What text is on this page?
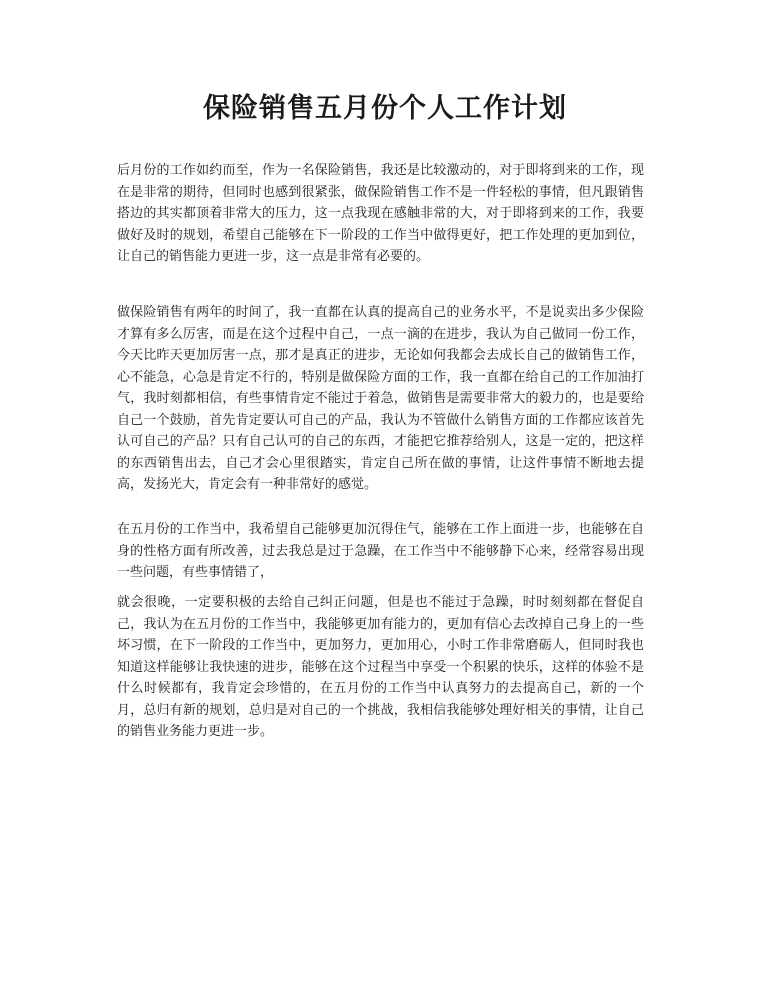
保险销售五月份个人工作计划

后月份的工作如约而至，作为一名保险销售，我还是比较激动的，对于即将到来的工作，现在是非常的期待，但同时也感到很紧张，做保险销售工作不是一件轻松的事情，但凡跟销售搭边的其实都顶着非常大的压力，这一点我现在感触非常的大，对于即将到来的工作，我要做好及时的规划，希望自己能够在下一阶段的工作当中做得更好，把工作处理的更加到位，让自己的销售能力更进一步，这一点是非常有必要的。

做保险销售有两年的时间了，我一直都在认真的提高自己的业务水平，不是说卖出多少保险才算有多么厉害，而是在这个过程中自己，一点一滴的在进步，我认为自己做同一份工作，今天比昨天更加厉害一点，那才是真正的进步，无论如何我都会去成长自己的做销售工作，心不能急，心急是肯定不行的，特别是做保险方面的工作，我一直都在给自己的工作加油打气，我时刻都相信，有些事情肯定不能过于着急，做销售是需要非常大的毅力的，也是要给自己一个鼓励，首先肯定要认可自己的产品，我认为不管做什么销售方面的工作都应该首先认可自己的产品？只有自己认可的自己的东西，才能把它推荐给别人，这是一定的，把这样的东西销售出去，自己才会心里很踏实，肯定自己所在做的事情，让这件事情不断地去提高，发扬光大，肯定会有一种非常好的感觉。

在五月份的工作当中，我希望自己能够更加沉得住气，能够在工作上面进一步，也能够在自身的性格方面有所改善，过去我总是过于急躁，在工作当中不能够静下心来，经常容易出现一些问题，有些事情错了，

就会很晚，一定要积极的去给自己纠正问题，但是也不能过于急躁，时时刻刻都在督促自己，我认为在五月份的工作当中，我能够更加有能力的，更加有信心去改掉自己身上的一些坏习惯，在下一阶段的工作当中，更加努力，更加用心，小时工作非常磨砺人，但同时我也知道这样能够让我快速的进步，能够在这个过程当中享受一个积累的快乐，这样的体验不是什么时候都有，我肯定会珍惜的，在五月份的工作当中认真努力的去提高自己，新的一个月，总归有新的规划，总归是对自己的一个挑战，我相信我能够处理好相关的事情，让自己的销售业务能力更进一步。
